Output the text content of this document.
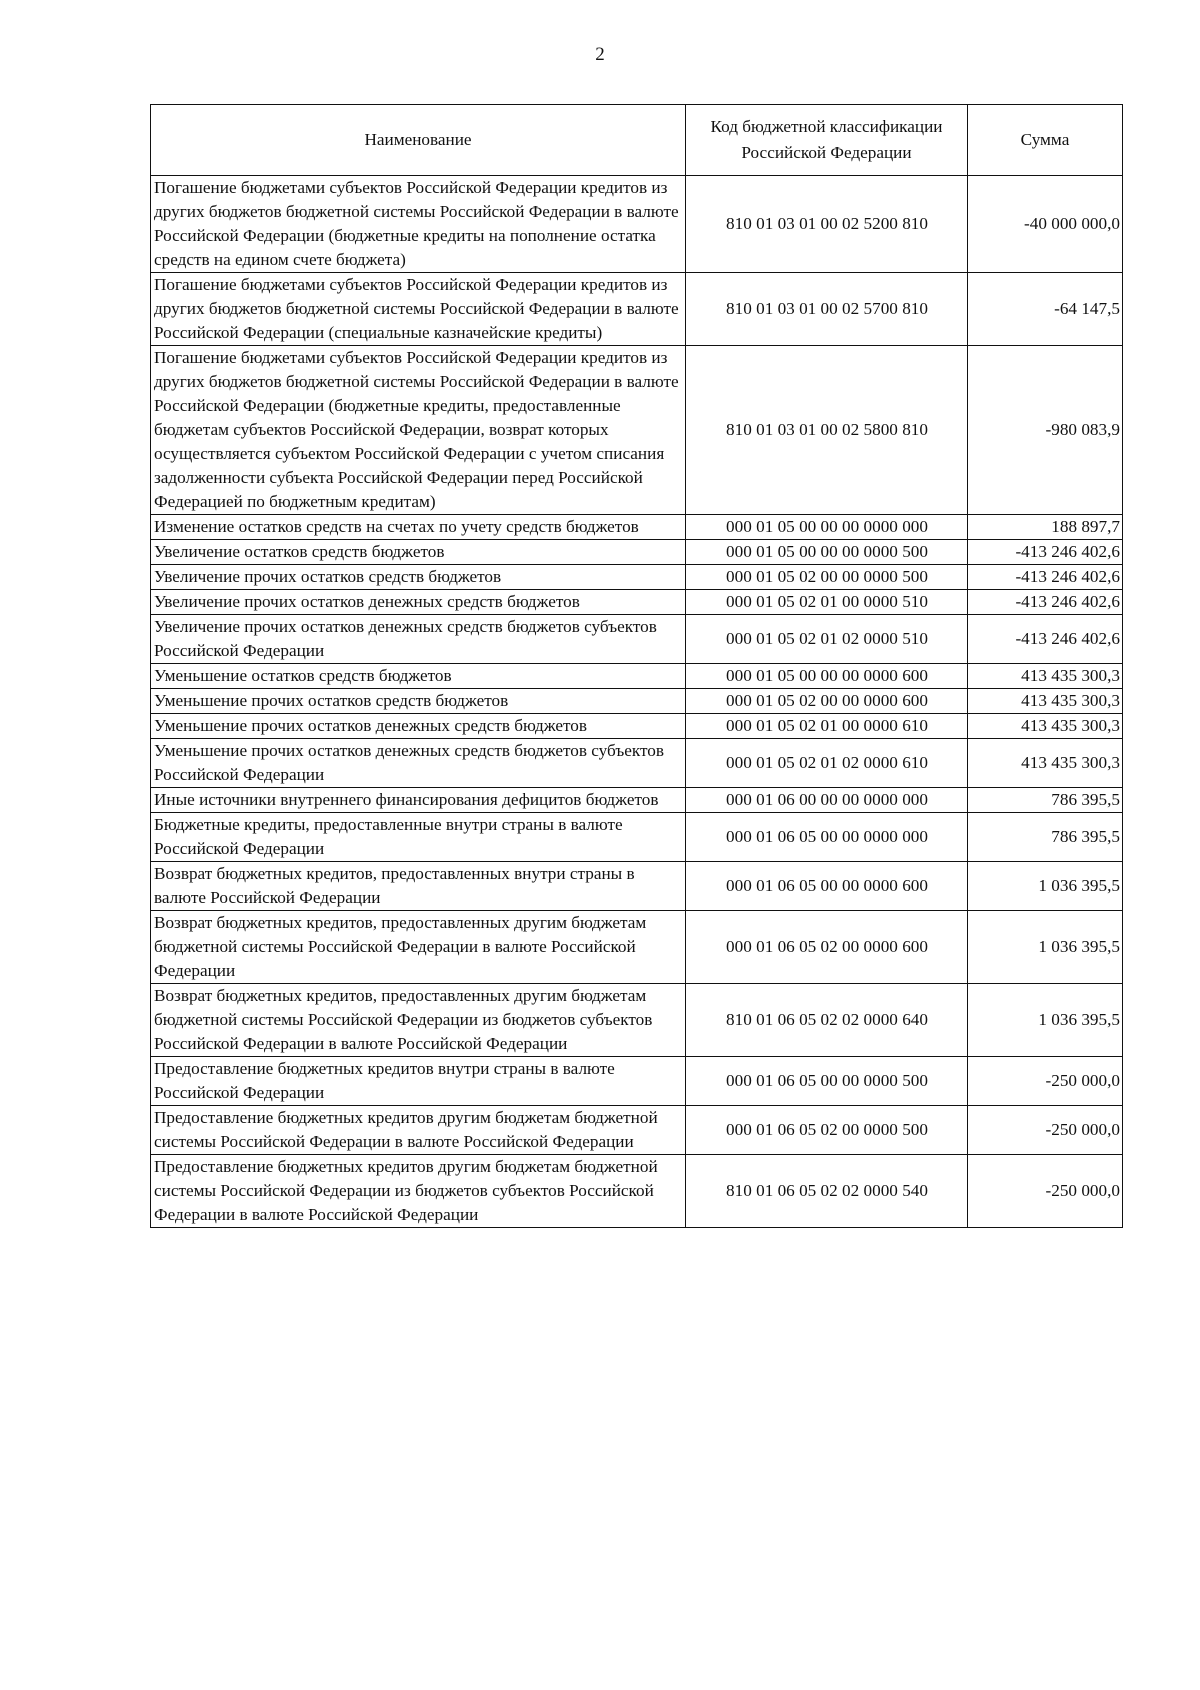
2
Наименование	Код бюджетной классификации Российской Федерации	Сумма
Погашение бюджетами субъектов Российской Федерации кредитов из других бюджетов бюджетной системы Российской Федерации в валюте Российской Федерации (бюджетные кредиты на пополнение остатка средств на едином счете бюджета)	810 01 03 01 00 02 5200 810	-40 000 000,0
Погашение бюджетами субъектов Российской Федерации кредитов из других бюджетов бюджетной системы Российской Федерации в валюте Российской Федерации (специальные казначейские кредиты)	810 01 03 01 00 02 5700 810	-64 147,5
Погашение бюджетами субъектов Российской Федерации кредитов из других бюджетов бюджетной системы Российской Федерации в валюте Российской Федерации (бюджетные кредиты, предоставленные бюджетам субъектов Российской Федерации, возврат которых осуществляется субъектом Российской Федерации с учетом списания задолженности субъекта Российской Федерации перед Российской Федерацией по бюджетным кредитам)	810 01 03 01 00 02 5800 810	-980 083,9
Изменение остатков средств на счетах по учету средств бюджетов	000 01 05 00 00 00 0000 000	188 897,7
Увеличение остатков средств бюджетов	000 01 05 00 00 00 0000 500	-413 246 402,6
Увеличение прочих остатков средств бюджетов	000 01 05 02 00 00 0000 500	-413 246 402,6
Увеличение прочих остатков денежных средств бюджетов	000 01 05 02 01 00 0000 510	-413 246 402,6
Увеличение прочих остатков денежных средств бюджетов субъектов Российской Федерации	000 01 05 02 01 02 0000 510	-413 246 402,6
Уменьшение остатков средств бюджетов	000 01 05 00 00 00 0000 600	413 435 300,3
Уменьшение прочих остатков средств бюджетов	000 01 05 02 00 00 0000 600	413 435 300,3
Уменьшение прочих остатков денежных средств бюджетов	000 01 05 02 01 00 0000 610	413 435 300,3
Уменьшение прочих остатков денежных средств бюджетов субъектов Российской Федерации	000 01 05 02 01 02 0000 610	413 435 300,3
Иные источники внутреннего финансирования дефицитов бюджетов	000 01 06 00 00 00 0000 000	786 395,5
Бюджетные кредиты, предоставленные внутри страны в валюте Российской Федерации	000 01 06 05 00 00 0000 000	786 395,5
Возврат бюджетных кредитов, предоставленных внутри страны в валюте Российской Федерации	000 01 06 05 00 00 0000 600	1 036 395,5
Возврат бюджетных кредитов, предоставленных другим бюджетам бюджетной системы Российской Федерации в валюте Российской Федерации	000 01 06 05 02 00 0000 600	1 036 395,5
Возврат бюджетных кредитов, предоставленных другим бюджетам бюджетной системы Российской Федерации из бюджетов субъектов Российской Федерации в валюте Российской Федерации	810 01 06 05 02 02 0000 640	1 036 395,5
Предоставление бюджетных кредитов внутри страны в валюте Российской Федерации	000 01 06 05 00 00 0000 500	-250 000,0
Предоставление бюджетных кредитов другим бюджетам бюджетной системы Российской Федерации в валюте Российской Федерации	000 01 06 05 02 00 0000 500	-250 000,0
Предоставление бюджетных кредитов другим бюджетам бюджетной системы Российской Федерации из бюджетов субъектов Российской Федерации в валюте Российской Федерации	810 01 06 05 02 02 0000 540	-250 000,0
